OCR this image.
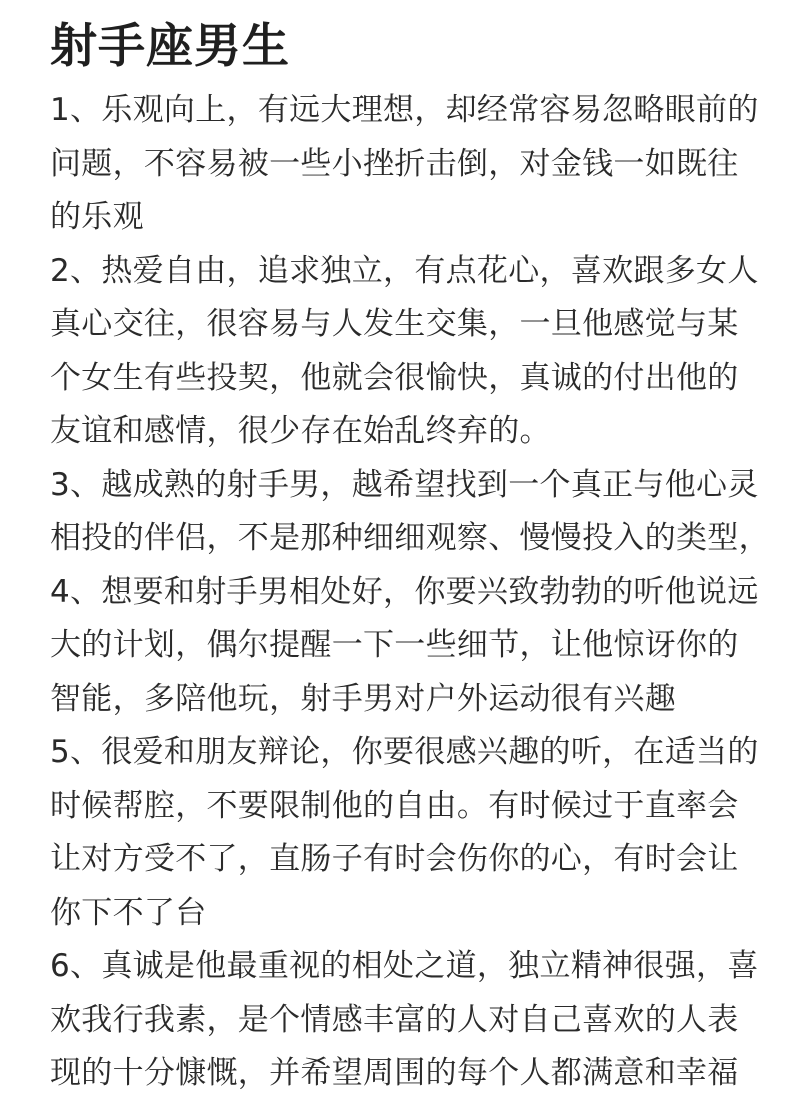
射手座男生
1、乐观向上，有远大理想，却经常容易忽略眼前的
问题，不容易被一些小挫折击倒，对金钱一如既往
的乐观
2、热爱自由，追求独立，有点花心，喜欢跟多女人
真心交往，很容易与人发生交集，一旦他感觉与某
个女生有些投契，他就会很愉快，真诚的付出他的
友谊和感情，很少存在始乱终弃的。
3、越成熟的射手男，越希望找到一个真正与他心灵
相投的伴侣，不是那种细细观察、慢慢投入的类型，
4、想要和射手男相处好，你要兴致勃勃的听他说远
大的计划，偶尔提醒一下一些细节，让他惊讶你的
智能，多陪他玩，射手男对户外运动很有兴趣
5、很爱和朋友辩论，你要很感兴趣的听，在适当的
时候帮腔，不要限制他的自由。有时候过于直率会
让对方受不了，直肠子有时会伤你的心，有时会让
你下不了台
6、真诚是他最重视的相处之道，独立精神很强，喜
欢我行我素，是个情感丰富的人对自己喜欢的人表
现的十分慷慨，并希望周围的每个人都满意和幸福
